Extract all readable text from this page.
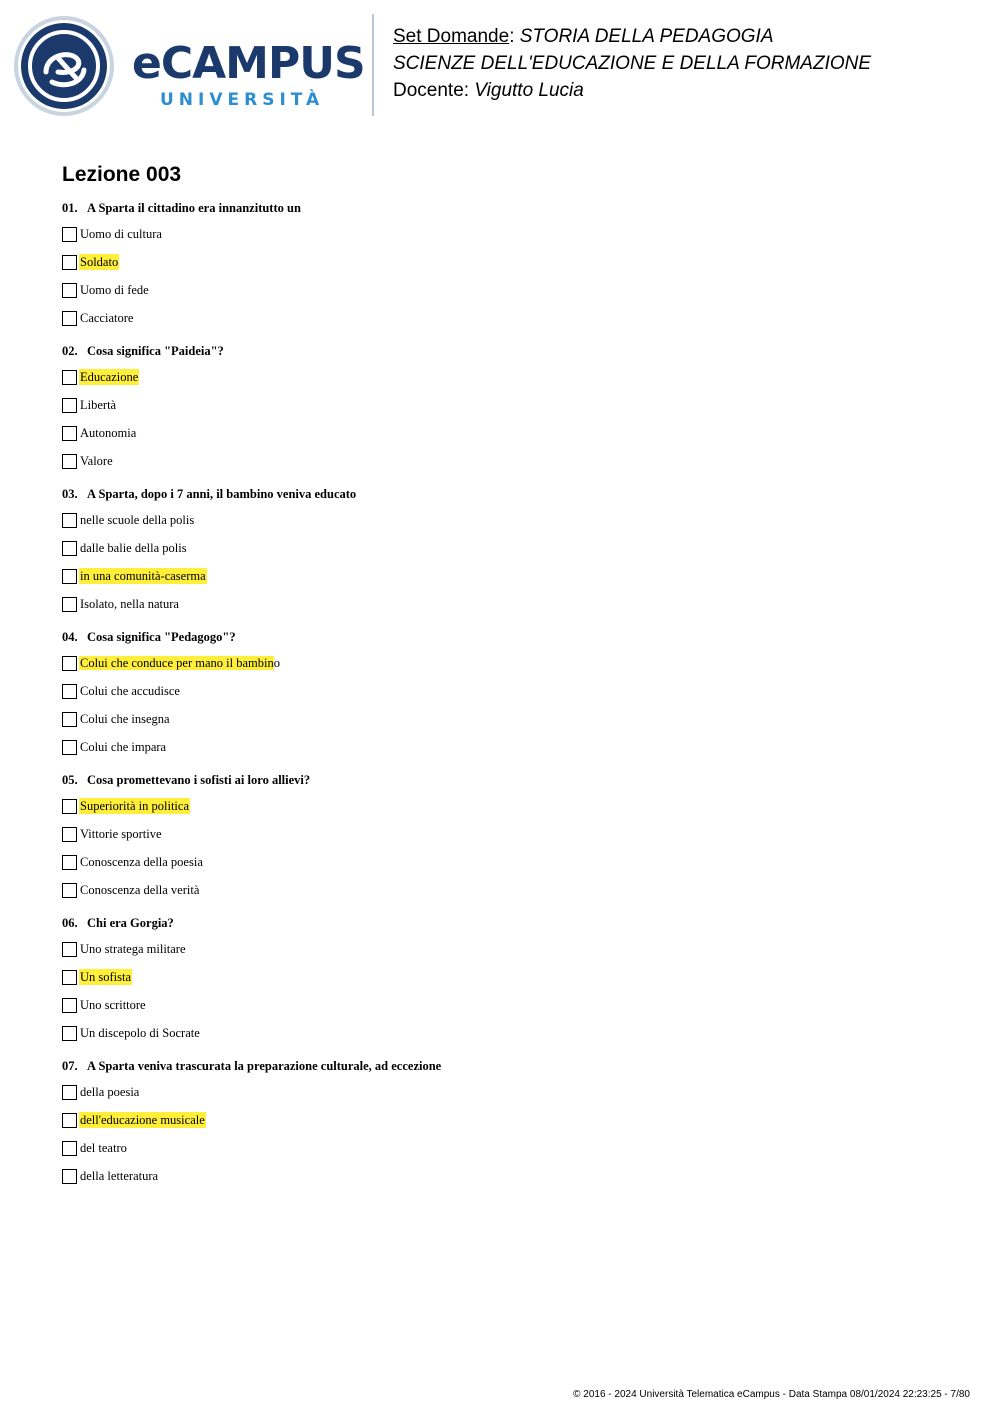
eCAMPUS
UNIVERSITÀ
Set Domande: STORIA DELLA PEDAGOGIA
SCIENZE DELL'EDUCAZIONE E DELLA FORMAZIONE
Docente: Vigutto Lucia
Lezione 003
01. A Sparta il cittadino era innanzitutto un
Uomo di cultura
Soldato
Uomo di fede
Cacciatore
02. Cosa significa "Paideia"?
Educazione
Libertà
Autonomia
Valore
03. A Sparta, dopo i 7 anni, il bambino veniva educato
nelle scuole della polis
dalle balie della polis
in una comunità-caserma
Isolato, nella natura
04. Cosa significa "Pedagogo"?
Colui che conduce per mano il bambino
Colui che accudisce
Colui che insegna
Colui che impara
05. Cosa promettevano i sofisti ai loro allievi?
Superiorità in politica
Vittorie sportive
Conoscenza della poesia
Conoscenza della verità
06. Chi era Gorgia?
Uno stratega militare
Un sofista
Uno scrittore
Un discepolo di Socrate
07. A Sparta veniva trascurata la preparazione culturale, ad eccezione
della poesia
dell'educazione musicale
del teatro
della letteratura
© 2016 - 2024 Università Telematica eCampus - Data Stampa 08/01/2024 22:23:25 - 7/80
